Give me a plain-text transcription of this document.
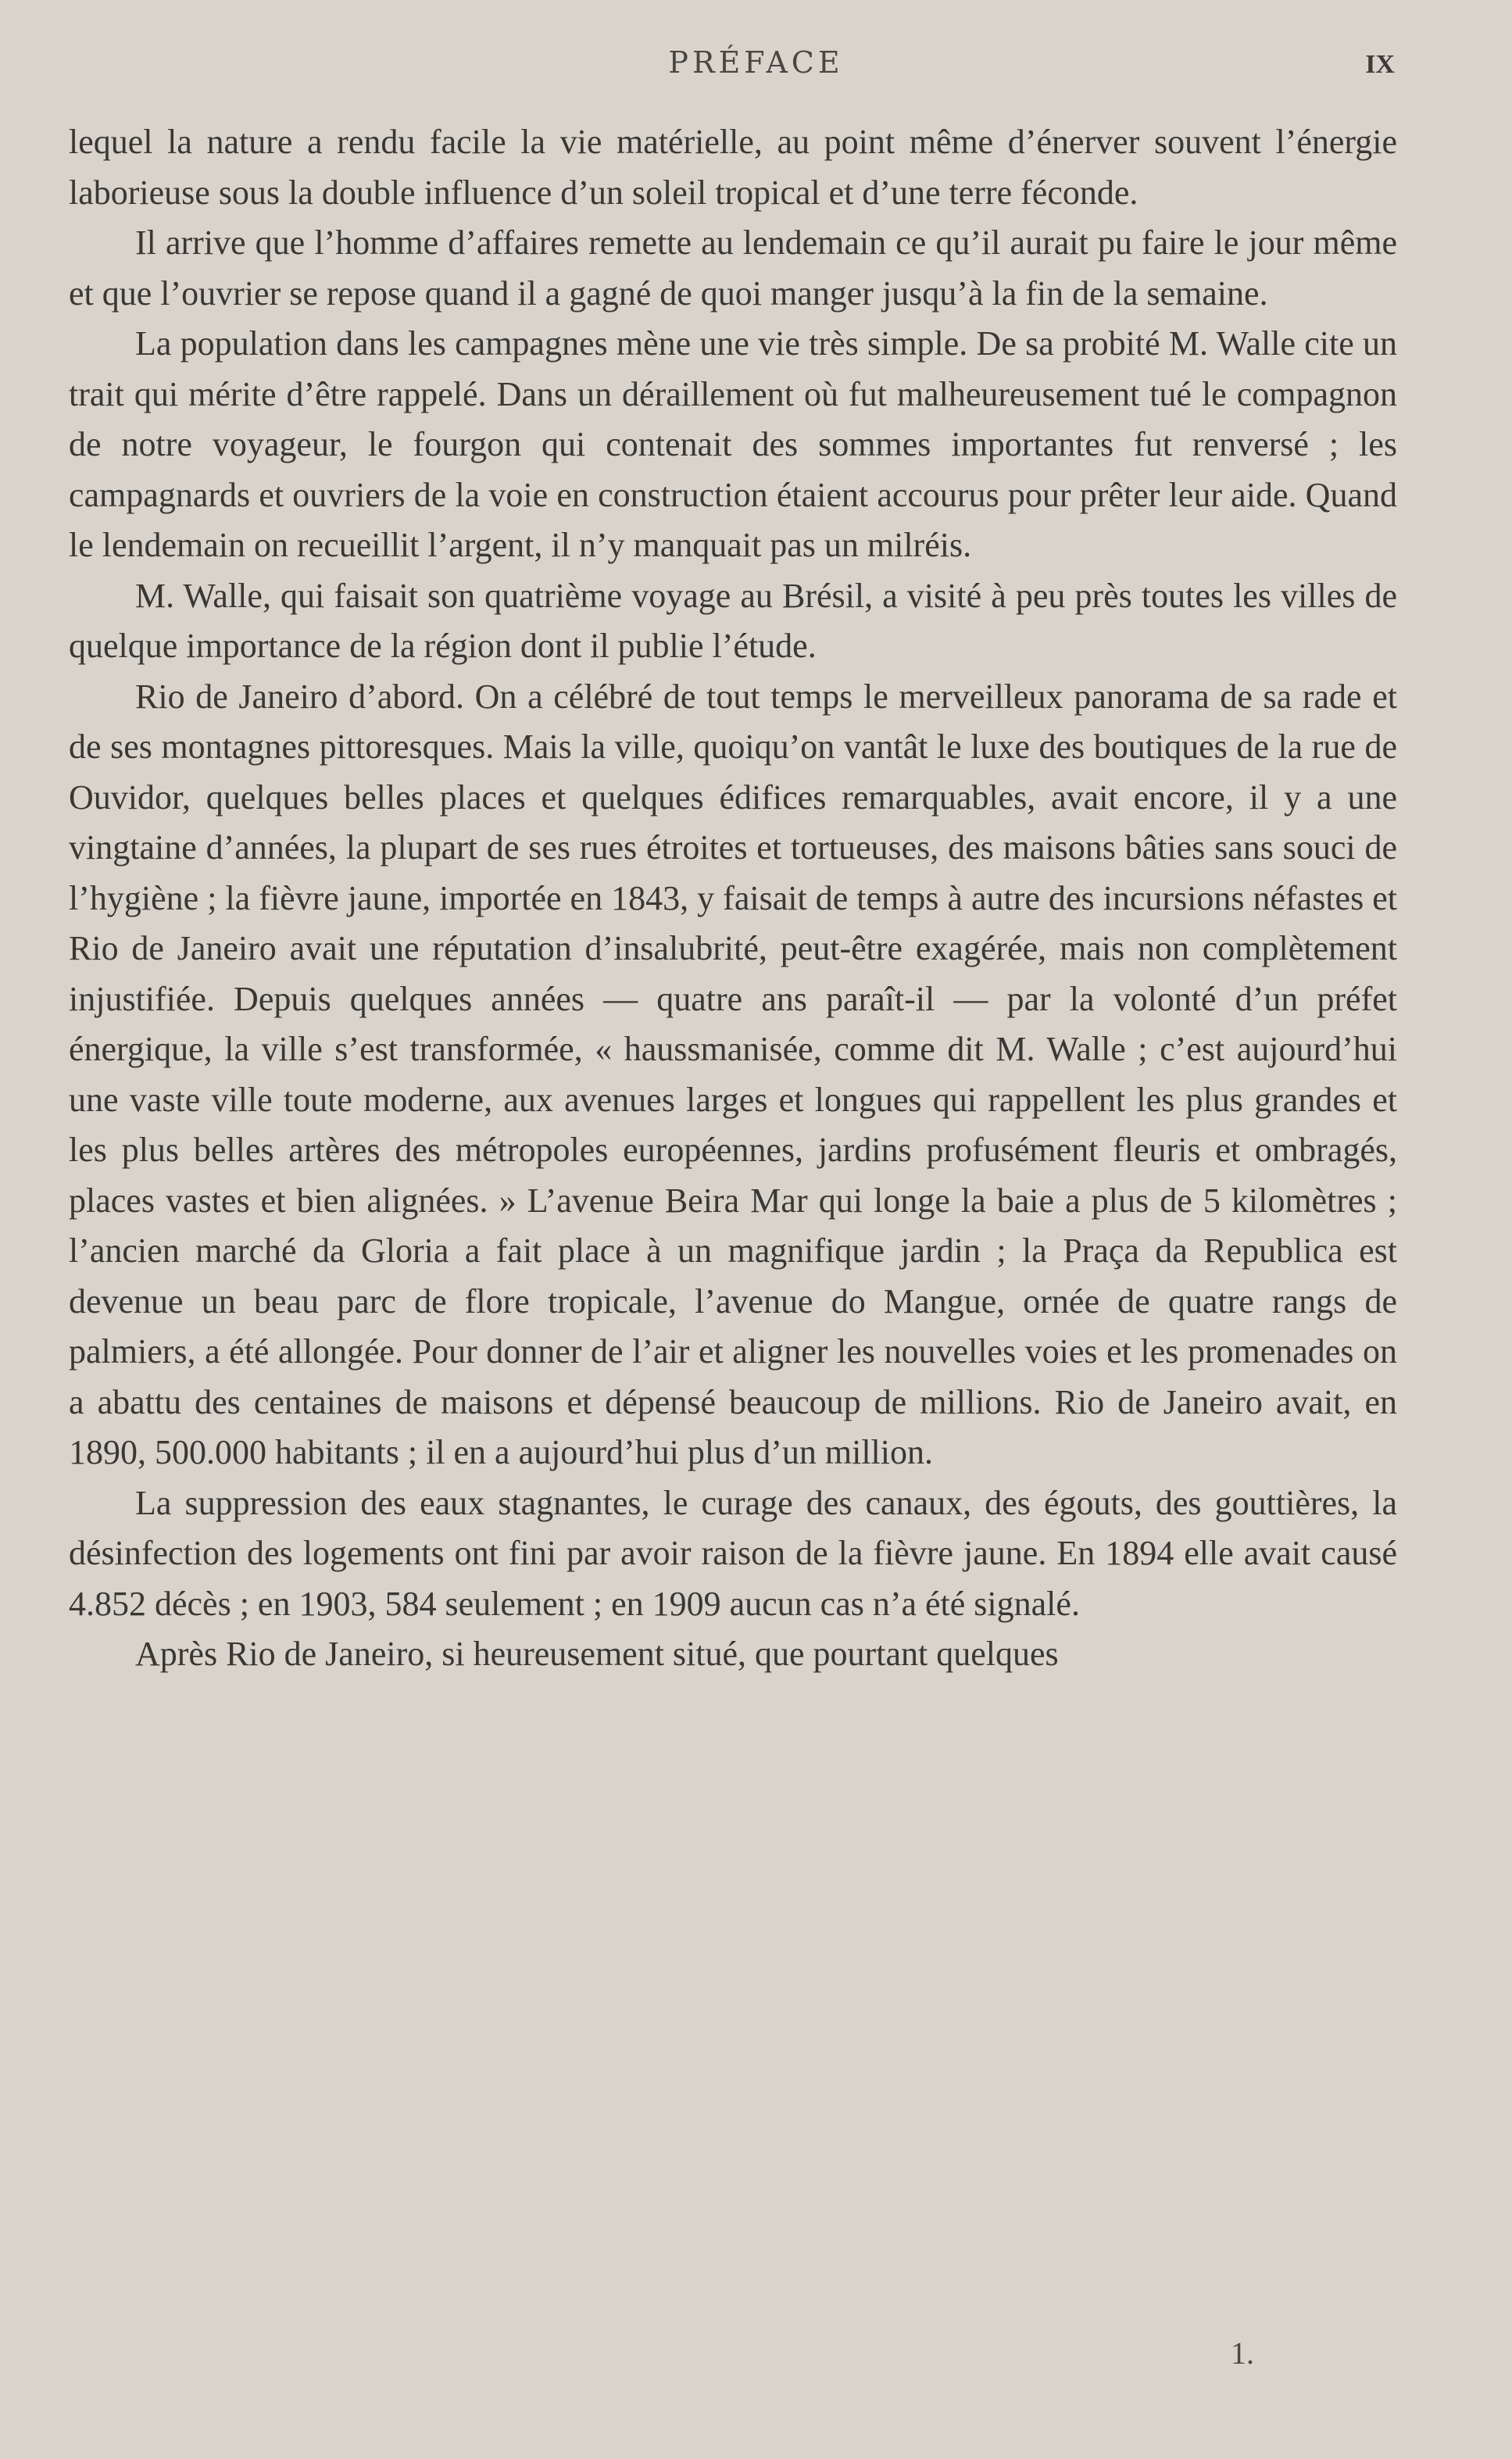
PRÉFACE	IX

lequel la nature a rendu facile la vie matérielle, au point même d’énerver souvent l’énergie laborieuse sous la double influence d’un soleil tropical et d’une terre féconde.

Il arrive que l’homme d’affaires remette au lendemain ce qu’il aurait pu faire le jour même et que l’ouvrier se repose quand il a gagné de quoi manger jusqu’à la fin de la semaine.

La population dans les campagnes mène une vie très simple. De sa probité M. Walle cite un trait qui mérite d’être rappelé. Dans un déraillement où fut malheureusement tué le compagnon de notre voyageur, le fourgon qui contenait des sommes importantes fut renversé ; les campagnards et ouvriers de la voie en construction étaient accourus pour prêter leur aide. Quand le lendemain on recueillit l’argent, il n’y manquait pas un milréis.

M. Walle, qui faisait son quatrième voyage au Brésil, a visité à peu près toutes les villes de quelque importance de la région dont il publie l’étude.

Rio de Janeiro d’abord. On a célébré de tout temps le merveilleux panorama de sa rade et de ses montagnes pittoresques. Mais la ville, quoiqu’on vantât le luxe des boutiques de la rue de Ouvidor, quelques belles places et quelques édifices remarquables, avait encore, il y a une vingtaine d’années, la plupart de ses rues étroites et tortueuses, des maisons bâties sans souci de l’hygiène ; la fièvre jaune, importée en 1843, y faisait de temps à autre des incursions néfastes et Rio de Janeiro avait une réputation d’insalubrité, peut-être exagérée, mais non complètement injustifiée. Depuis quelques années — quatre ans paraît-il — par la volonté d’un préfet énergique, la ville s’est transformée, « haussmanisée, comme dit M. Walle ; c’est aujourd’hui une vaste ville toute moderne, aux avenues larges et longues qui rappellent les plus grandes et les plus belles artères des métropoles européennes, jardins profusément fleuris et ombragés, places vastes et bien alignées. » L’avenue Beira Mar qui longe la baie a plus de 5 kilomètres ; l’ancien marché da Gloria a fait place à un magnifique jardin ; la Praça da Republica est devenue un beau parc de flore tropicale, l’avenue do Mangue, ornée de quatre rangs de palmiers, a été allongée. Pour donner de l’air et aligner les nouvelles voies et les promenades on a abattu des centaines de maisons et dépensé beaucoup de millions. Rio de Janeiro avait, en 1890, 500.000 habitants ; il en a aujourd’hui plus d’un million.

La suppression des eaux stagnantes, le curage des canaux, des égouts, des gouttières, la désinfection des logements ont fini par avoir raison de la fièvre jaune. En 1894 elle avait causé 4.852 décès ; en 1903, 584 seulement ; en 1909 aucun cas n’a été signalé.

Après Rio de Janeiro, si heureusement situé, que pourtant quelques

1.
